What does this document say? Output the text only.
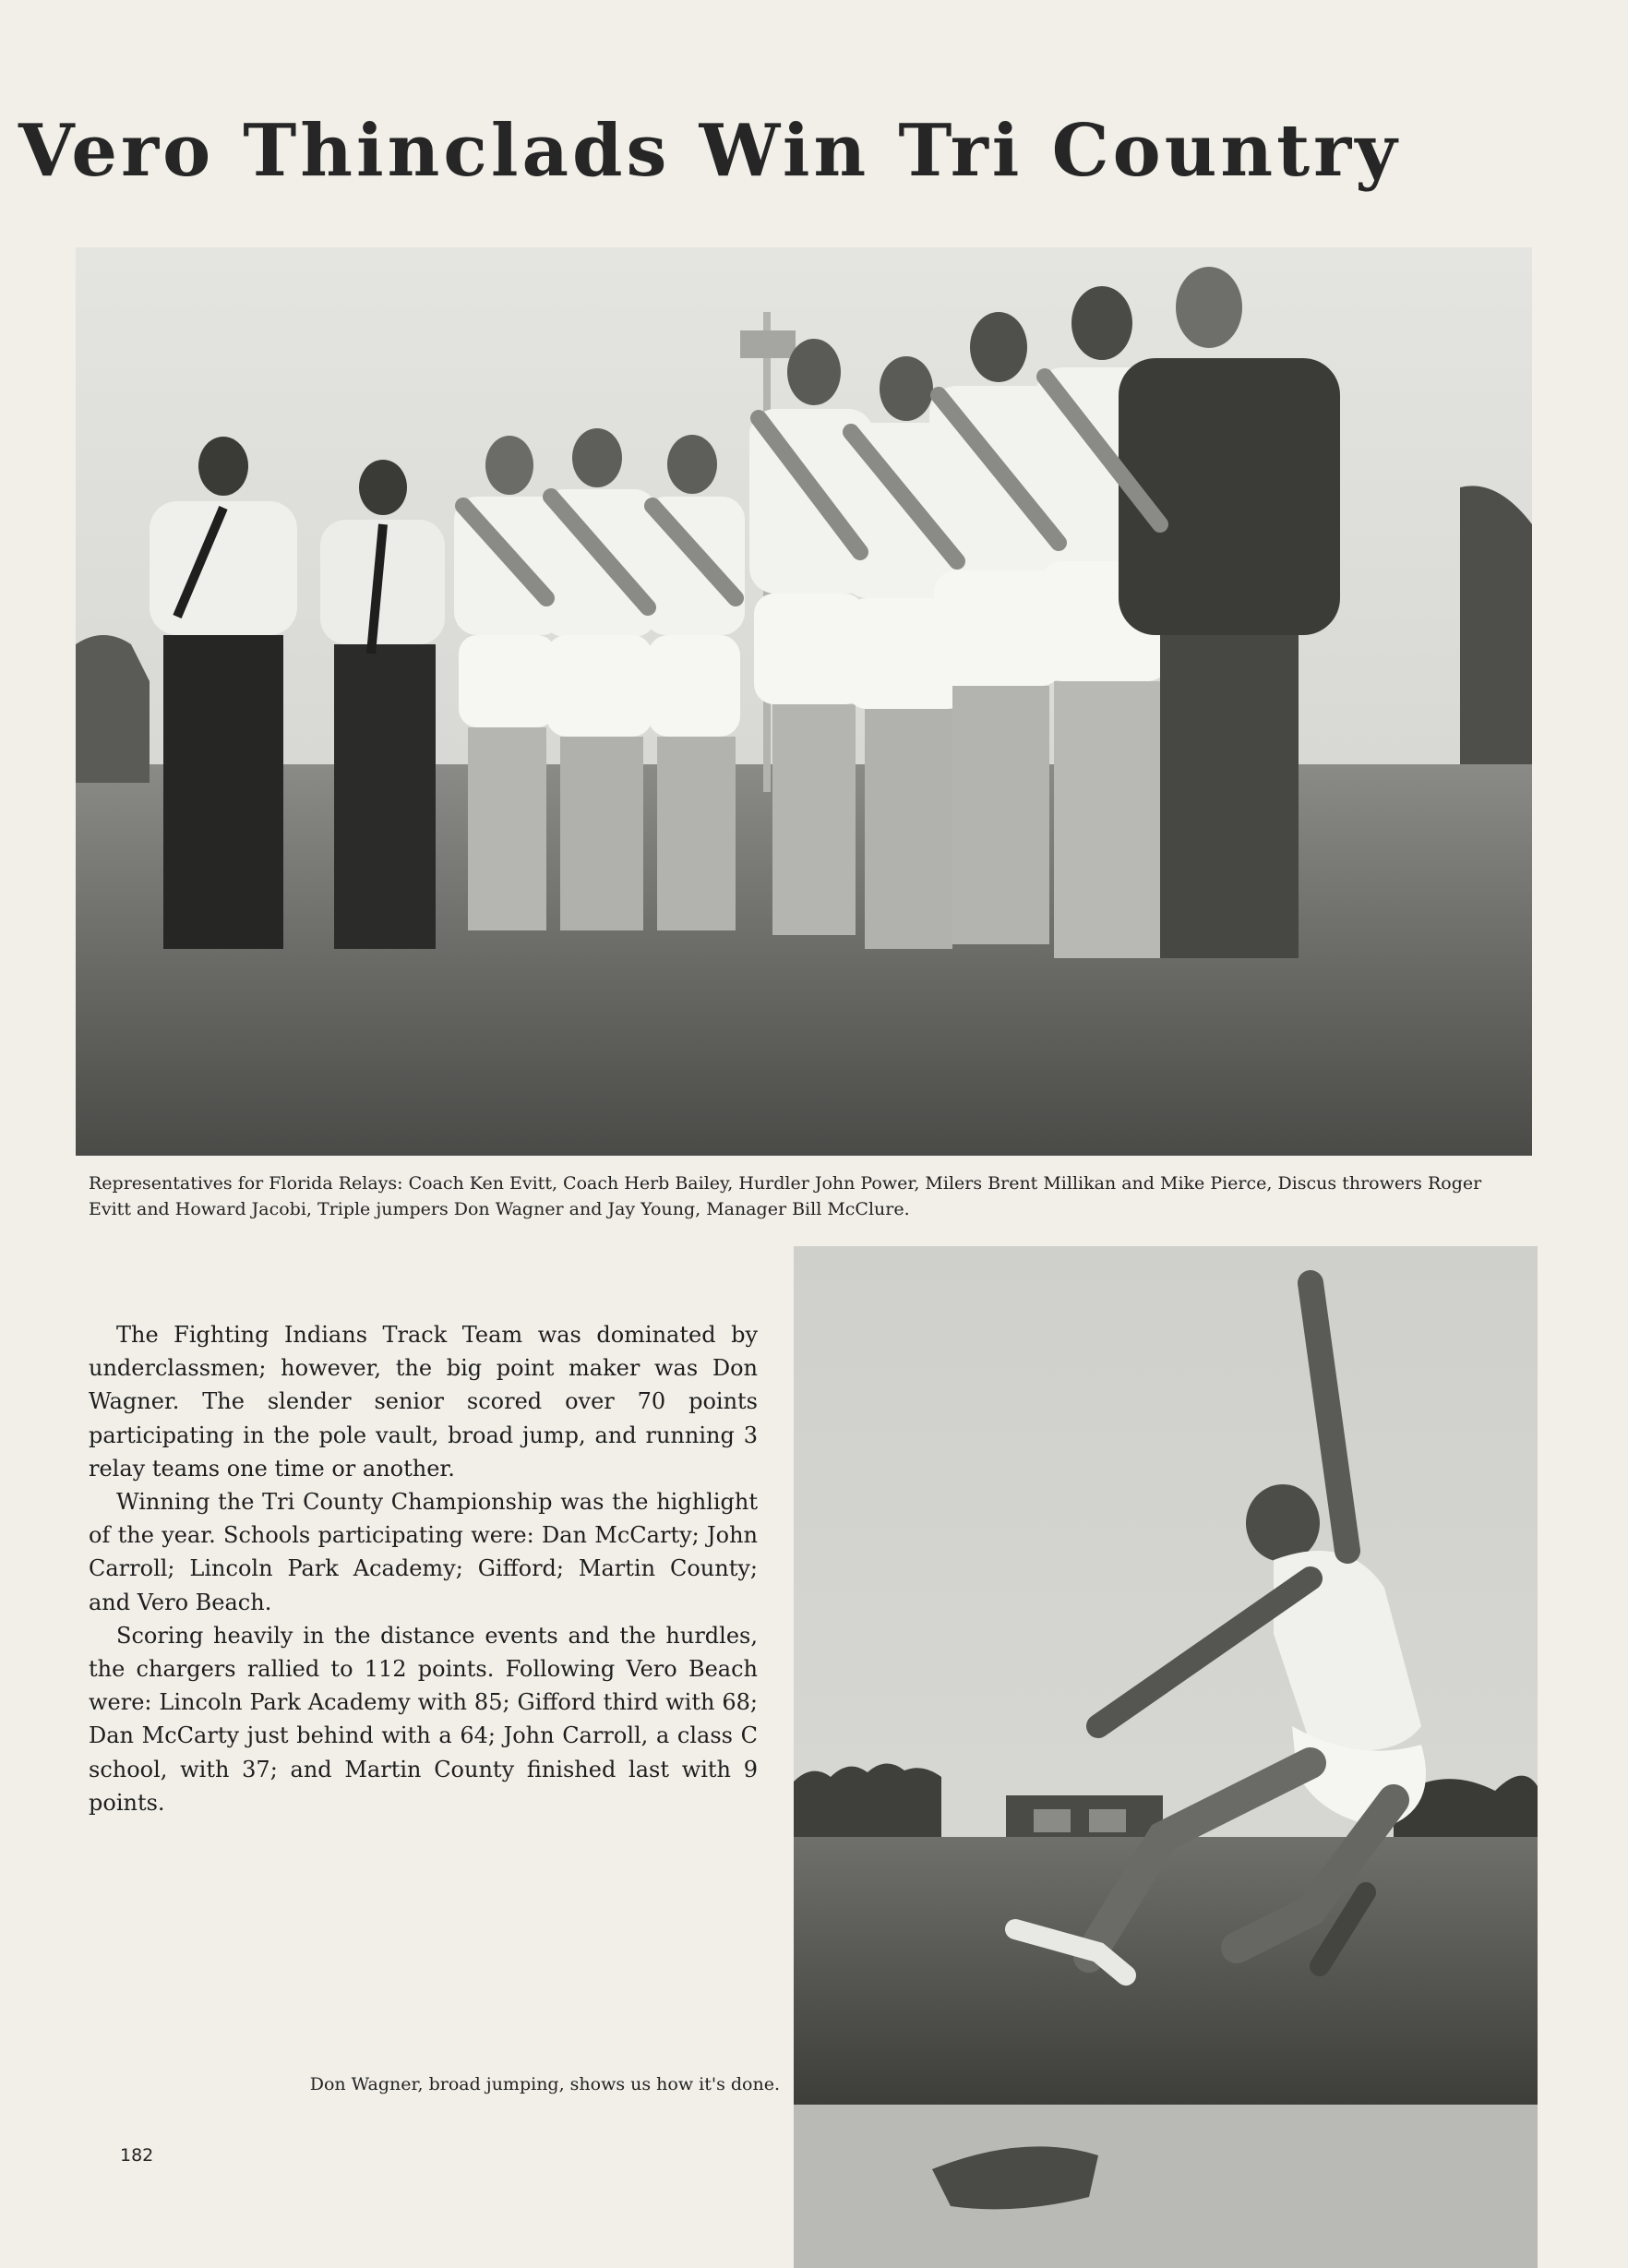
Vero Thinclads Win Tri Country
Representatives for Florida Relays: Coach Ken Evitt, Coach Herb Bailey, Hurdler John Power, Milers Brent Millikan and Mike Pierce, Discus throwers Roger Evitt and Howard Jacobi, Triple jumpers Don Wagner and Jay Young, Manager Bill McClure.

The Fighting Indians Track Team was dominated by underclassmen; however, the big point maker was Don Wagner. The slender senior scored over 70 points participating in the pole vault, broad jump, and running 3 relay teams one time or another.

Winning the Tri County Championship was the highlight of the year. Schools participating were: Dan McCarty; John Carroll; Lincoln Park Academy; Gifford; Martin County; and Vero Beach.

Scoring heavily in the distance events and the hurdles, the chargers rallied to 112 points. Following Vero Beach were: Lincoln Park Academy with 85; Gifford third with 68; Dan McCarty just behind with a 64; John Carroll, a class C school, with 37; and Martin County finished last with 9 points.

Don Wagner, broad jumping, shows us how it's done.
182
